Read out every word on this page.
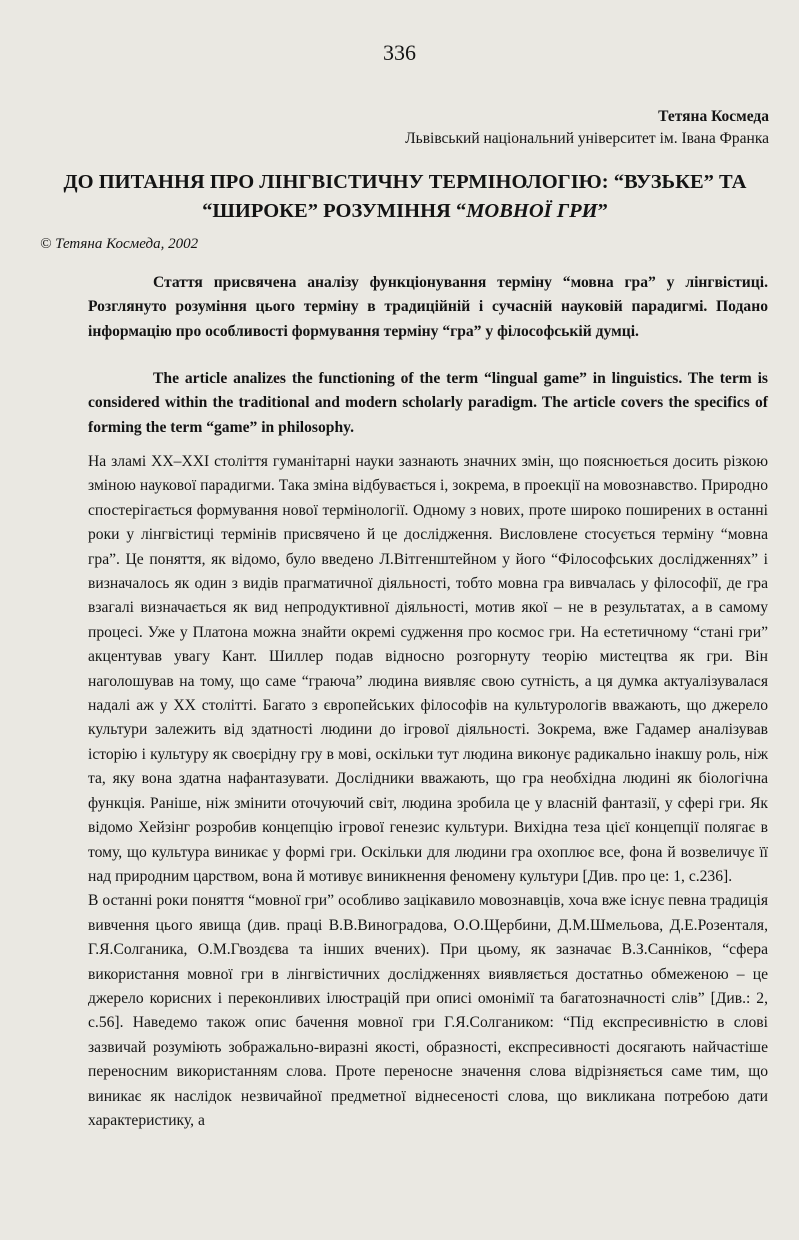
336
Тетяна Космеда
Львівський національний університет ім. Івана Франка
ДО ПИТАННЯ ПРО ЛІНГВІСТИЧНУ ТЕРМІНОЛОГІЮ: “ВУЗЬКЕ” ТА
“ШИРОКЕ” РОЗУМІННЯ “МОВНОЇ ГРИ”
© Тетяна Космеда, 2002

Стаття присвячена аналізу функціонування терміну “мовна гра” у лінгвістиці. Розглянуто розуміння цього терміну в традиційній і сучасній науковій парадигмі. Подано інформацію про особливості формування терміну “гра” у філософській думці.

The article analizes the functioning of the term “lingual game” in linguistics. The term is considered within the traditional and modern scholarly paradigm. The article covers the specifics of forming the term “game” in philosophy.

На зламі XX–XXI століття гуманітарні науки зазнають значних змін, що пояснюється досить різкою зміною наукової парадигми. Така зміна відбувається і, зокрема, в проекції на мовознавство. Природно спостерігається формування нової термінології. Одному з нових, проте широко поширених в останні роки у лінгвістиці термінів присвячено й це дослідження. Висловлене стосується терміну “мовна гра”. Це поняття, як відомо, було введено Л.Вітгенштейном у його “Філософських дослідженнях” і визначалось як один з видів прагматичної діяльності, тобто мовна гра вивчалась у філософії, де гра взагалі визначається як вид непродуктивної діяльності, мотив якої – не в результатах, а в самому процесі. Уже у Платона можна знайти окремі судження про космос гри. На естетичному “стані гри” акцентував увагу Кант. Шиллер подав відносно розгорнуту теорію мистецтва як гри. Він наголошував на тому, що саме “граюча” людина виявляє свою сутність, а ця думка актуалізувалася надалі аж у XX столітті. Багато з європейських філософів на культурологів вважають, що джерело культури залежить від здатності людини до ігрової діяльності. Зокрема, вже Гадамер аналізував історію і культуру як своєрідну гру в мові, оскільки тут людина виконує радикально інакшу роль, ніж та, яку вона здатна нафантазувати. Дослідники вважають, що гра необхідна людині як біологічна функція. Раніше, ніж змінити оточуючий світ, людина зробила це у власній фантазії, у сфері гри. Як відомо Хейзінг розробив концепцію ігрової генезис культури. Вихідна теза цієї концепції полягає в тому, що культура виникає у формі гри. Оскільки для людини гра охоплює все, фона й возвеличує її над природним царством, вона й мотивує виникнення феномену культури [Див. про це: 1, с.236].

В останні роки поняття “мовної гри” особливо зацікавило мовознавців, хоча вже існує певна традиція вивчення цього явища (див. праці В.В.Виноградова, О.О.Щербини, Д.М.Шмельова, Д.Е.Розенталя, Г.Я.Солганика, О.М.Гвоздєва та інших вчених). При цьому, як зазначає В.З.Санніков, “сфера використання мовної гри в лінгвістичних дослідженнях виявляється достатньо обмеженою – це джерело корисних і переконливих ілюстрацій при описі омонімії та багатозначності слів” [Див.: 2, с.56]. Наведемо також опис бачення мовної гри Г.Я.Солгаником: “Під експресивністю в слові зазвичай розуміють зображально-виразні якості, образності, експресивності досягають найчастіше переносним використанням слова. Проте переносне значення слова відрізняється саме тим, що виникає як наслідок незвичайної предметної віднесеності слова, що викликана потребою дати характеристику, а
